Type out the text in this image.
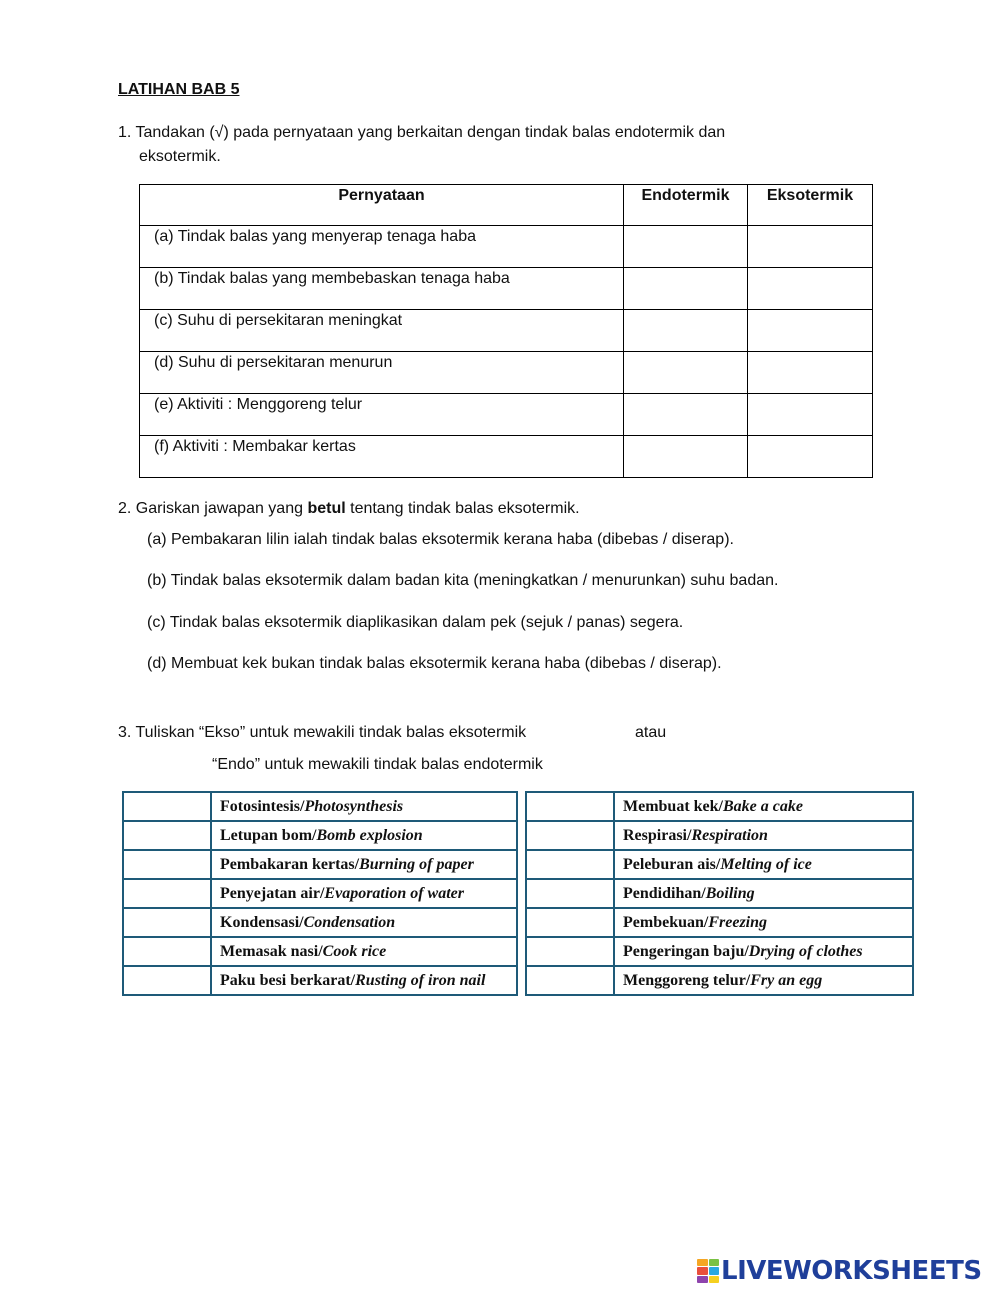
LATIHAN BAB 5
1. Tandakan (√) pada pernyataan yang berkaitan dengan tindak balas endotermik dan
eksotermik.
Pernyataan	Endotermik	Eksotermik
(a) Tindak balas yang menyerap tenaga haba		
(b) Tindak balas yang membebaskan tenaga haba		
(c) Suhu di persekitaran meningkat		
(d) Suhu di persekitaran menurun		
(e) Aktiviti : Menggoreng telur		
(f) Aktiviti : Membakar kertas		
2. Gariskan jawapan yang betul tentang tindak balas eksotermik.
(a) Pembakaran lilin ialah tindak balas eksotermik kerana haba (dibebas / diserap).
(b) Tindak balas eksotermik dalam badan kita (meningkatkan / menurunkan) suhu badan.
(c) Tindak balas eksotermik diaplikasikan dalam pek (sejuk / panas) segera.
(d) Membuat kek bukan tindak balas eksotermik kerana haba (dibebas / diserap).
3. Tuliskan “Ekso” untuk mewakili tindak balas eksotermik	atau
“Endo” untuk mewakili tindak balas endotermik
	Fotosintesis/Photosynthesis
	Letupan bom/Bomb explosion
	Pembakaran kertas/Burning of paper
	Penyejatan air/Evaporation of water
	Kondensasi/Condensation
	Memasak nasi/Cook rice
	Paku besi berkarat/Rusting of iron nail
	Membuat kek/Bake a cake
	Respirasi/Respiration
	Peleburan ais/Melting of ice
	Pendidihan/Boiling
	Pembekuan/Freezing
	Pengeringan baju/Drying of clothes
	Menggoreng telur/Fry an egg
LIVEWORKSHEETS
